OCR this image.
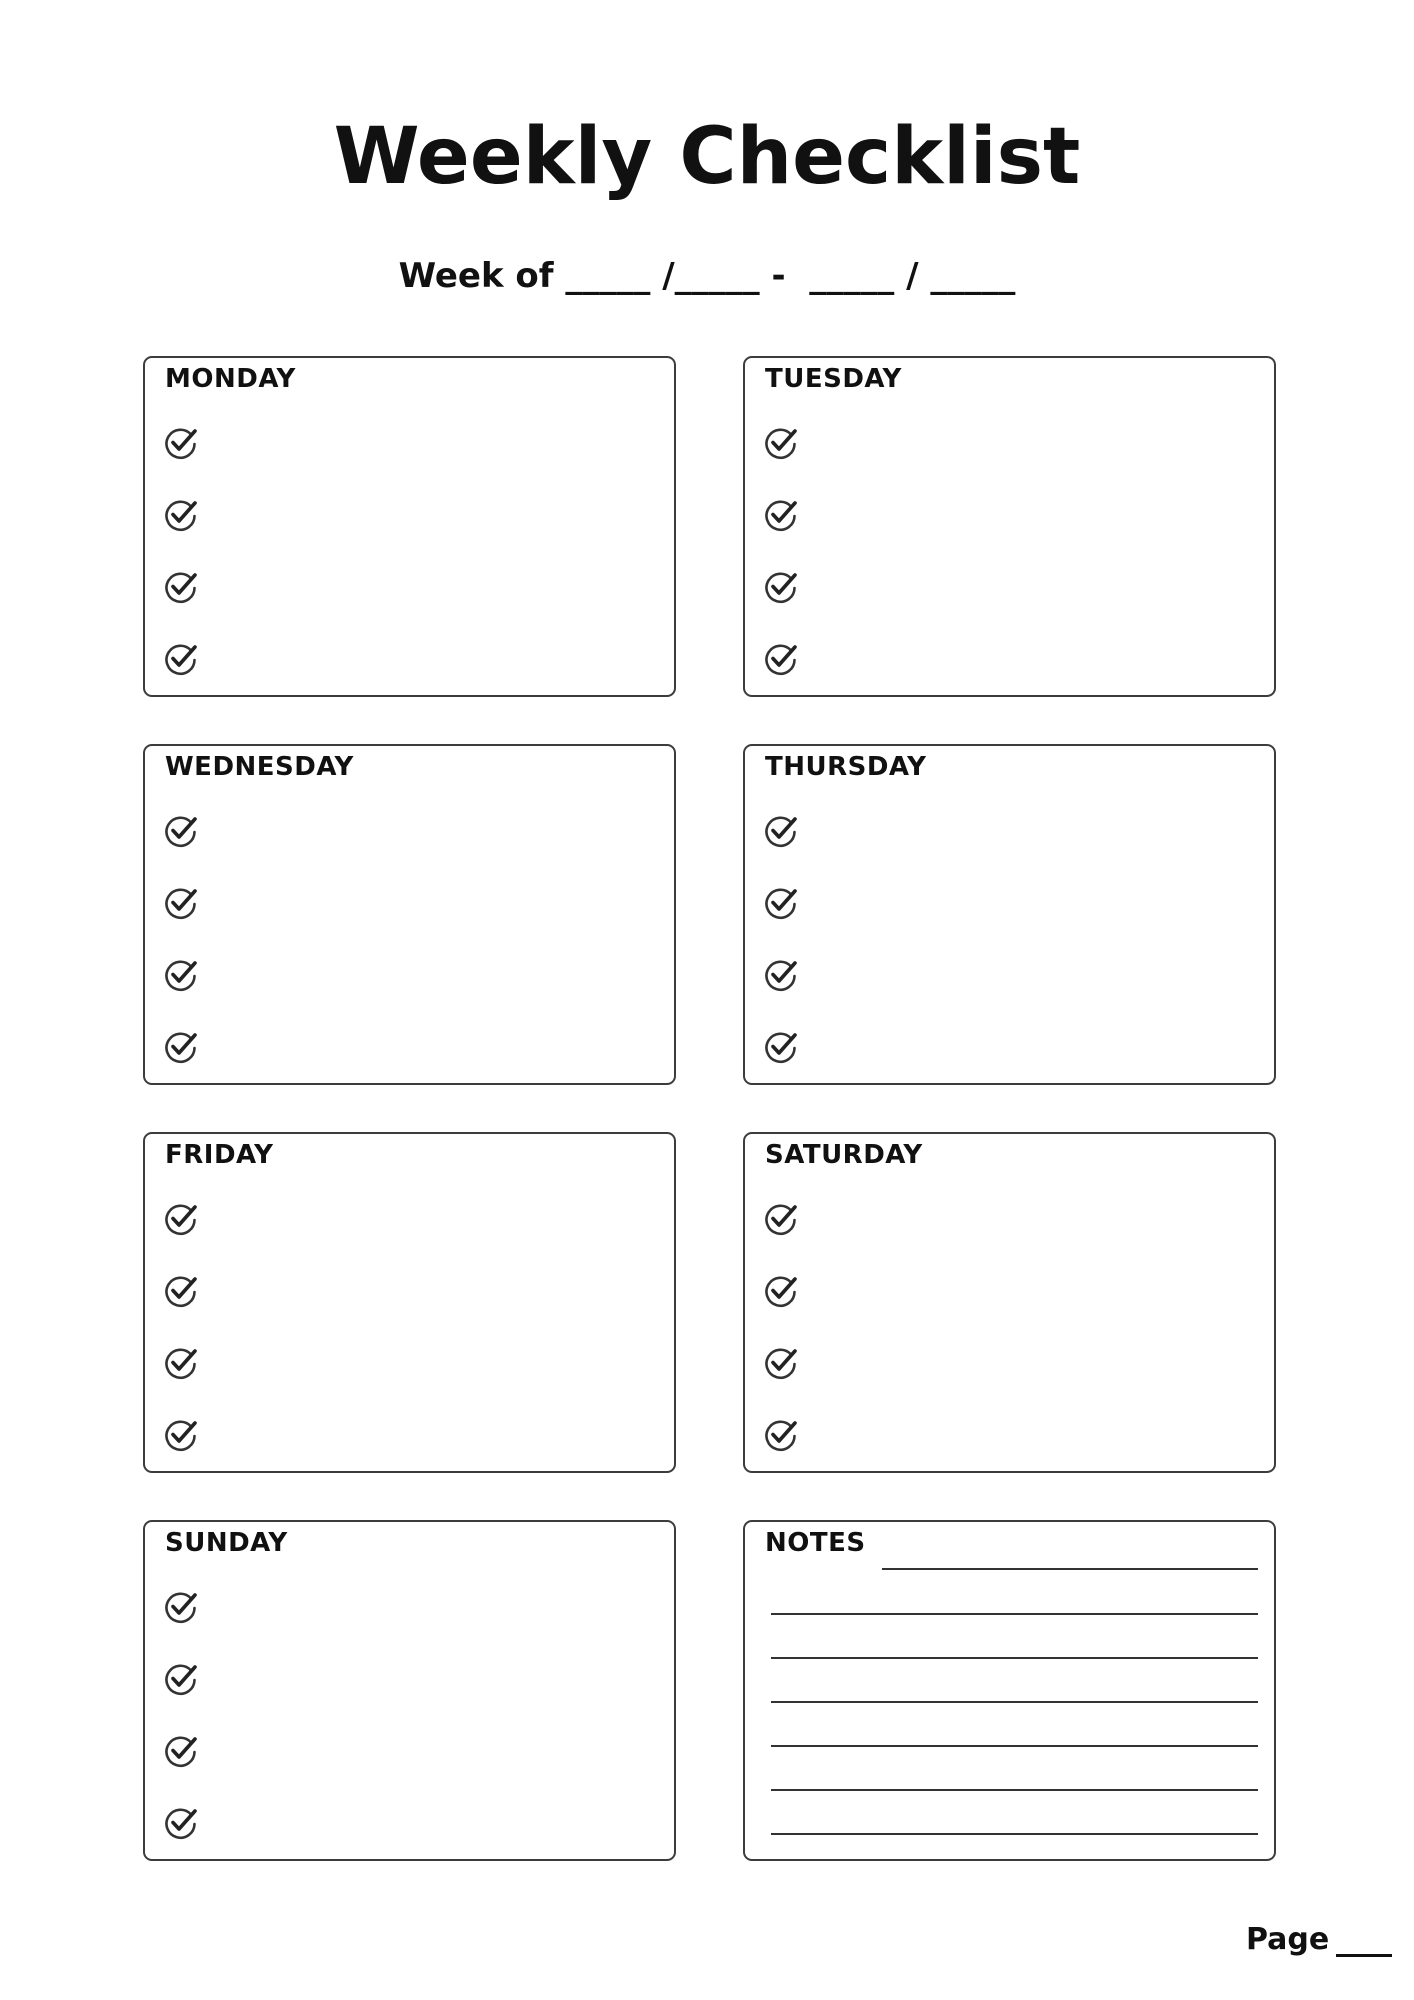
Weekly Checklist
Week of _____ /_____ -  _____ / _____
MONDAY	TUESDAY
WEDNESDAY	THURSDAY
FRIDAY	SATURDAY
SUNDAY	NOTES
Page
